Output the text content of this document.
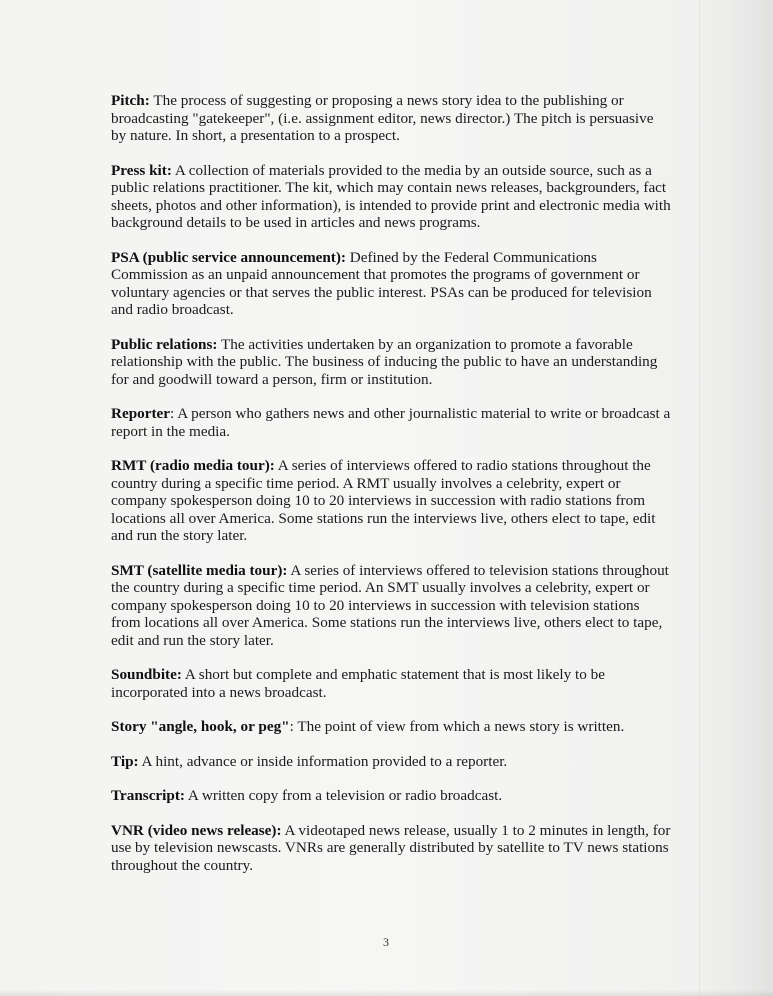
Pitch: The process of suggesting or proposing a news story idea to the publishing or broadcasting "gatekeeper", (i.e. assignment editor, news director.) The pitch is persuasive by nature. In short, a presentation to a prospect.

Press kit: A collection of materials provided to the media by an outside source, such as a public relations practitioner. The kit, which may contain news releases, backgrounders, fact sheets, photos and other information), is intended to provide print and electronic media with background details to be used in articles and news programs.

PSA (public service announcement): Defined by the Federal Communications Commission as an unpaid announcement that promotes the programs of government or voluntary agencies or that serves the public interest. PSAs can be produced for television and radio broadcast.

Public relations: The activities undertaken by an organization to promote a favorable relationship with the public. The business of inducing the public to have an understanding for and goodwill toward a person, firm or institution.

Reporter: A person who gathers news and other journalistic material to write or broadcast a report in the media.

RMT (radio media tour): A series of interviews offered to radio stations throughout the country during a specific time period. A RMT usually involves a celebrity, expert or company spokesperson doing 10 to 20 interviews in succession with radio stations from locations all over America. Some stations run the interviews live, others elect to tape, edit and run the story later.

SMT (satellite media tour): A series of interviews offered to television stations throughout the country during a specific time period. An SMT usually involves a celebrity, expert or company spokesperson doing 10 to 20 interviews in succession with television stations from locations all over America. Some stations run the interviews live, others elect to tape, edit and run the story later.

Soundbite: A short but complete and emphatic statement that is most likely to be incorporated into a news broadcast.

Story "angle, hook, or peg": The point of view from which a news story is written.

Tip: A hint, advance or inside information provided to a reporter.

Transcript: A written copy from a television or radio broadcast.

VNR (video news release): A videotaped news release, usually 1 to 2 minutes in length, for use by television newscasts. VNRs are generally distributed by satellite to TV news stations throughout the country.

3
